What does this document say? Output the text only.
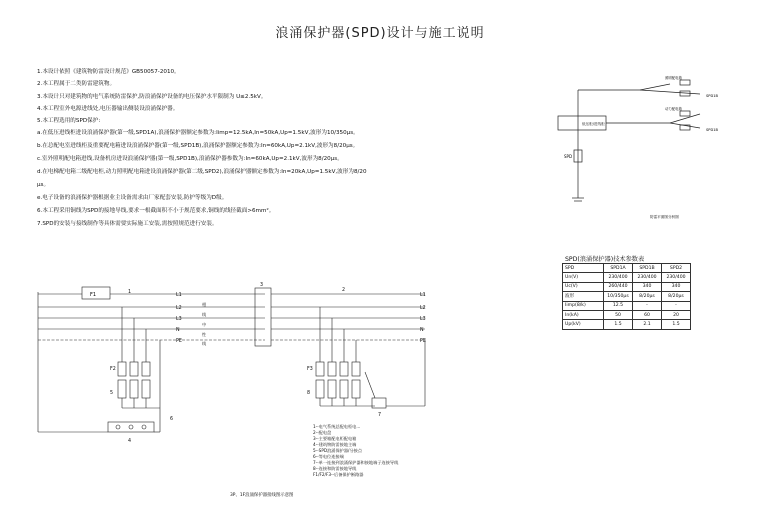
浪涌保护器(SPD)设计与施工说明
1.本设计依照《建筑物防雷设计规范》GB50057-2010。
2.本工程属于二类防雷建筑物。
3.本设计只对建筑物的电气系统防雷保护,防浪涌保护设备的电压保护水平限制为 U≤2.5kV。
4.本工程室外电源进线处,电压器输出侧装设浪涌保护器。
5.本工程选用的SPD保护:
a.在低压进线柜进设浪涌保护器(第一级,SPD1A),浪涌保护器额定参数为:Iimp=12.5kA,In=50kA,Up=1.5kV,波形为10/350μs。
b.在总配电室进线柜及重要配电箱进设浪涌保护器(第一级,SPD1B),浪涌保护器额定参数为:In=60kA,Up=2.1kV,波形为8/20μs。
c.室外照明配电箱进线,设备机房进设浪涌保护器(第一级,SPD1B),浪涌保护器参数为:In=60kA,Up=2.1kV,波形为8/20μs。
d.在电梯配电箱二级配电柜,动力照明配电箱进设浪涌保护器(第二级,SPD2),浪涌保护器额定参数为:In=20kA,Up=1.5kV,波形为8/20
μs。
e.电子设备的浪涌保护器根据业主设备需求由厂家配套安装,防护等级为D级。
6.本工程采用铜线为SPD的接地导线,要求一根截面积不小于规范要求,铜线的线径截面>6mm²。
7.SPD的安装与接线制作等具体需要实际施工安装,需按照规范进行安装。
低压柜/进线柜
SPD
照明配电箱
动力配电箱
SPD1B
SPD1B
防雷平面图分析图
SPD(浪涌保护器)技术参数表
SPD	SPD1A	SPD1B	SPD2
Un(V)	230/400	230/400	230/400
Uc(V)	260/440	340	340
波形	10/350μs	8/20μs	8/20μs
Iimp(8/k)	12.5	-	-
In(kA)	50	60	20
Up(kV)	1.5	2.1	1.5
F1	L1
L2
L3
N
PE
L1
L2
L3
N
PE
相
线
中
性
线
1	2
3
4
5
6
7
8
F2	F3
1--电气系统总配电柜电...
2--配电盘
3--主要箱配电柜配电箱
4--建筑物防雷接地主端
5--SPD浪涌保护器/分接点
6--等电位连接端
7--单一连接到浪涌保护器和接地端子连接导线
8--连接和防雷接地导线
F1/F2/F3--后备保护断路器
3P、1F浪涌保护器接线图示意图
